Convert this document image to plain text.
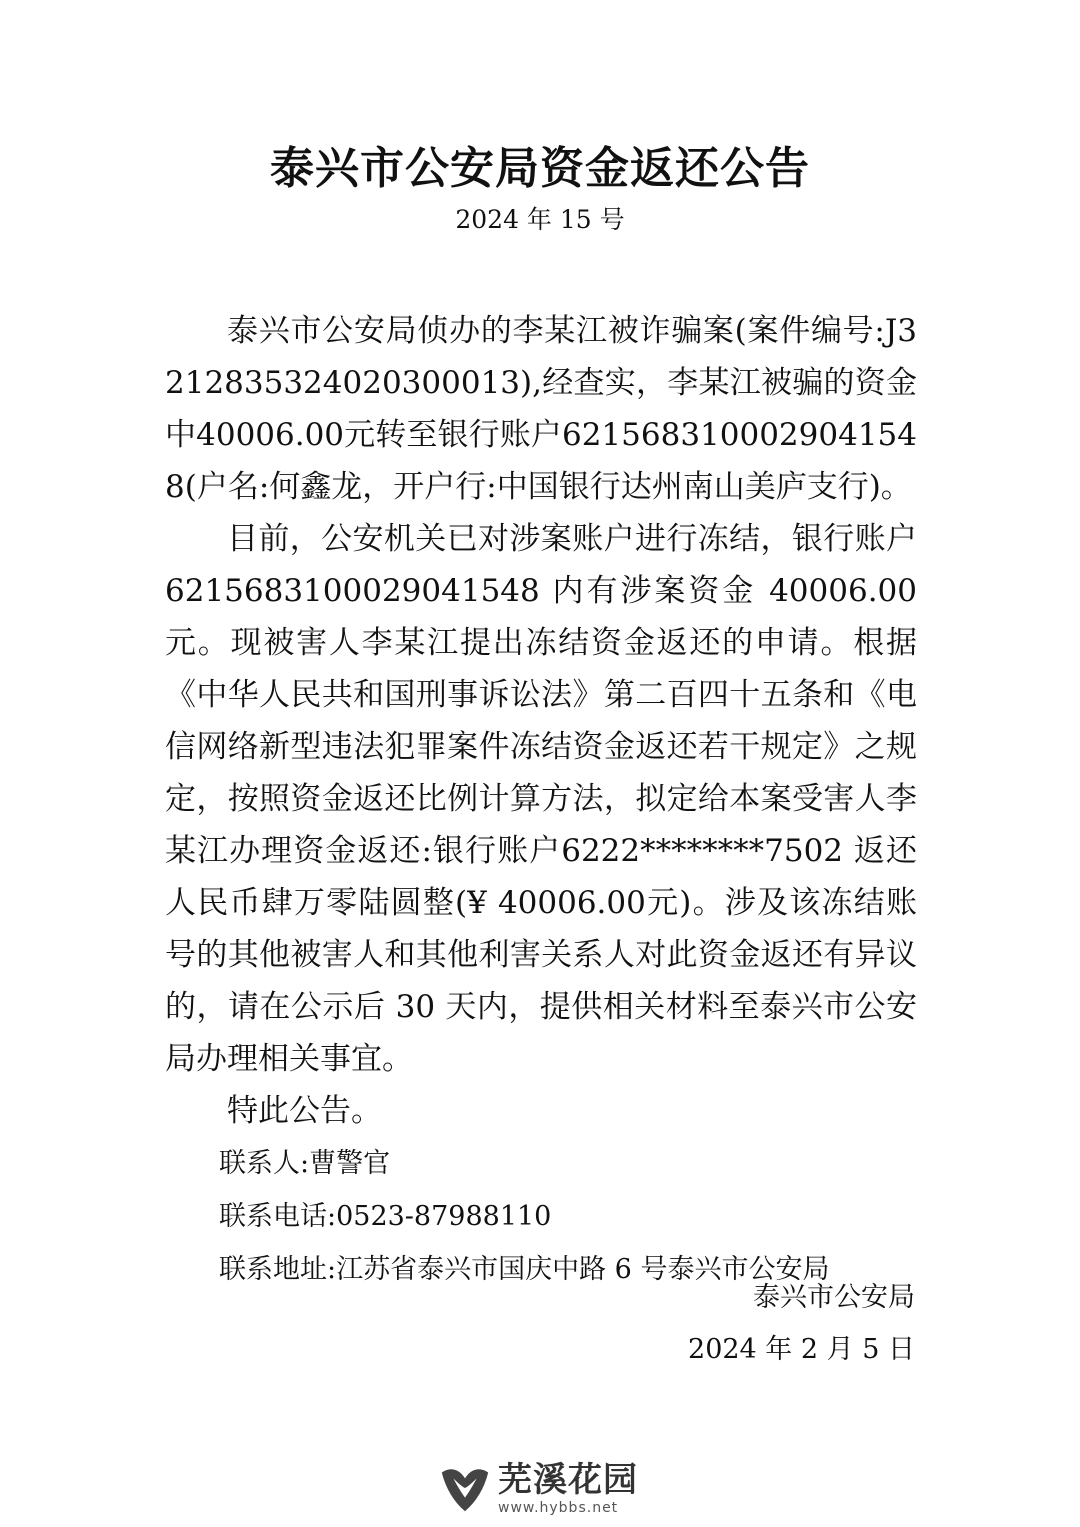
泰兴市公安局资金返还公告
2024 年 15 号

泰兴市公安局侦办的李某江被诈骗案(案件编号:J3212835324020300013),经查实，李某江被骗的资金中40006.00元转至银行账户6215683100029041548(户名:何鑫龙，开户行:中国银行达州南山美庐支行)。

目前，公安机关已对涉案账户进行冻结，银行账户6215683100029041548 内有涉案资金 40006.00 元。现被害人李某江提出冻结资金返还的申请。根据《中华人民共和国刑事诉讼法》第二百四十五条和《电信网络新型违法犯罪案件冻结资金返还若干规定》之规定，按照资金返还比例计算方法，拟定给本案受害人李某江办理资金返还:银行账户6222********7502 返还人民币肆万零陆圆整(¥ 40006.00元)。涉及该冻结账号的其他被害人和其他利害关系人对此资金返还有异议的，请在公示后 30 天内，提供相关材料至泰兴市公安局办理相关事宜。

特此公告。

联系人:曹警官

联系电话:0523-87988110

联系地址:江苏省泰兴市国庆中路 6 号泰兴市公安局

泰兴市公安局
2024 年 2 月 5 日
芜溪花园
www.hybbs.net
